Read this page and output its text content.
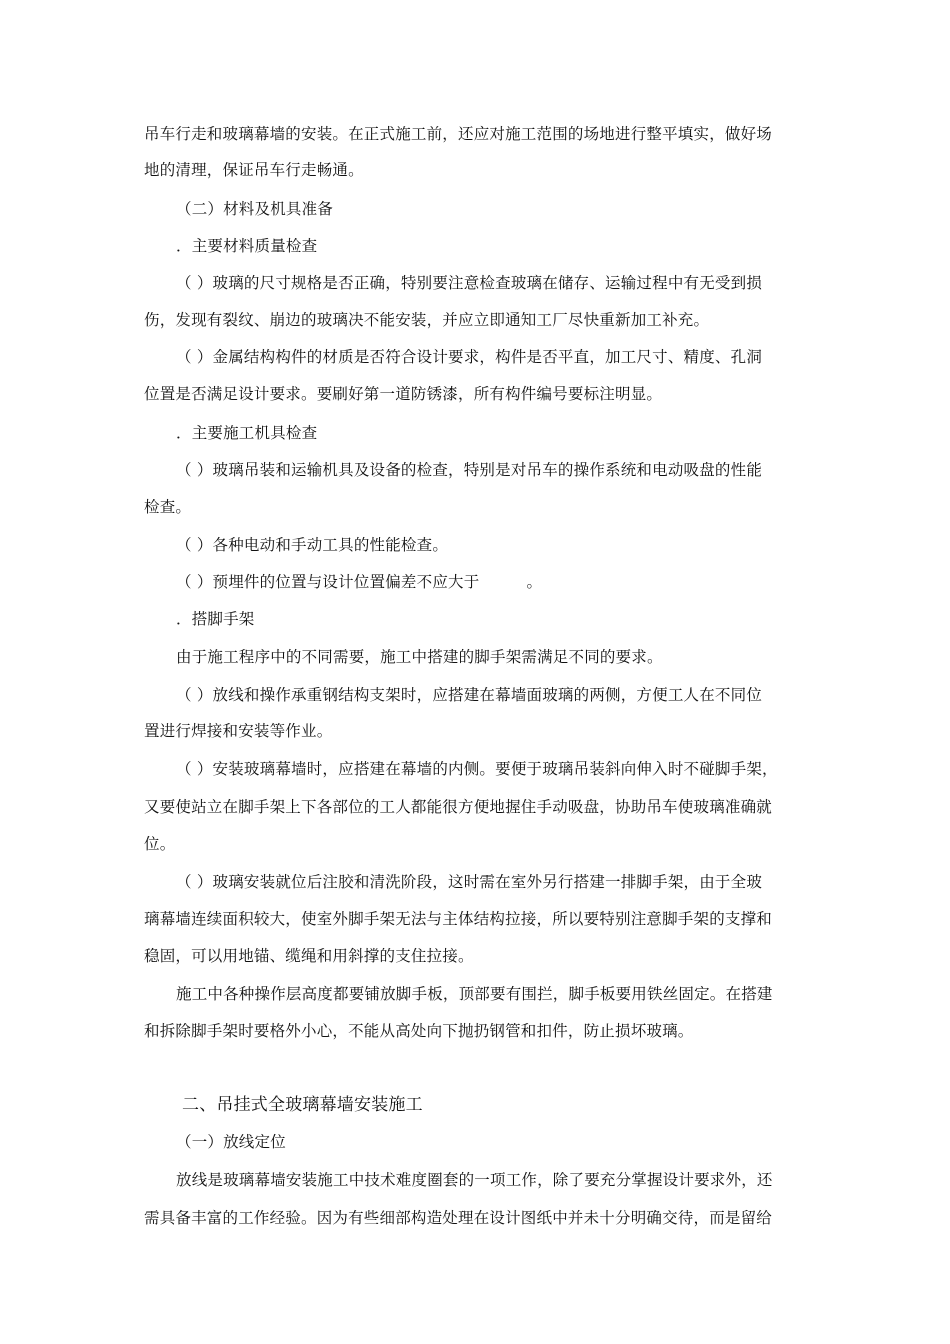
吊车行走和玻璃幕墙的安装。在正式施工前，还应对施工范围的场地进行整平填实，做好场
地的清理，保证吊车行走畅通。
（二）材料及机具准备
．主要材料质量检查
（ ）玻璃的尺寸规格是否正确，特别要注意检查玻璃在储存、运输过程中有无受到损
伤，发现有裂纹、崩边的玻璃决不能安装，并应立即通知工厂尽快重新加工补充。
（ ）金属结构构件的材质是否符合设计要求，构件是否平直，加工尺寸、精度、孔洞
位置是否满足设计要求。要刷好第一道防锈漆，所有构件编号要标注明显。
．主要施工机具检查
（ ）玻璃吊装和运输机具及设备的检查，特别是对吊车的操作系统和电动吸盘的性能
检查。
（ ）各种电动和手动工具的性能检查。
（ ）预埋件的位置与设计位置偏差不应大于　　　。
．搭脚手架
由于施工程序中的不同需要，施工中搭建的脚手架需满足不同的要求。
（ ）放线和操作承重钢结构支架时，应搭建在幕墙面玻璃的两侧，方便工人在不同位
置进行焊接和安装等作业。
（ ）安装玻璃幕墙时，应搭建在幕墙的内侧。要便于玻璃吊装斜向伸入时不碰脚手架，
又要使站立在脚手架上下各部位的工人都能很方便地握住手动吸盘，协助吊车使玻璃准确就
位。
（ ）玻璃安装就位后注胶和清洗阶段，这时需在室外另行搭建一排脚手架，由于全玻
璃幕墙连续面积较大，使室外脚手架无法与主体结构拉接，所以要特别注意脚手架的支撑和
稳固，可以用地锚、缆绳和用斜撑的支住拉接。
施工中各种操作层高度都要铺放脚手板，顶部要有围拦，脚手板要用铁丝固定。在搭建
和拆除脚手架时要格外小心，不能从高处向下抛扔钢管和扣件，防止损坏玻璃。
二、吊挂式全玻璃幕墙安装施工
（一）放线定位
放线是玻璃幕墙安装施工中技术难度圈套的一项工作，除了要充分掌握设计要求外，还
需具备丰富的工作经验。因为有些细部构造处理在设计图纸中并未十分明确交待，而是留给
